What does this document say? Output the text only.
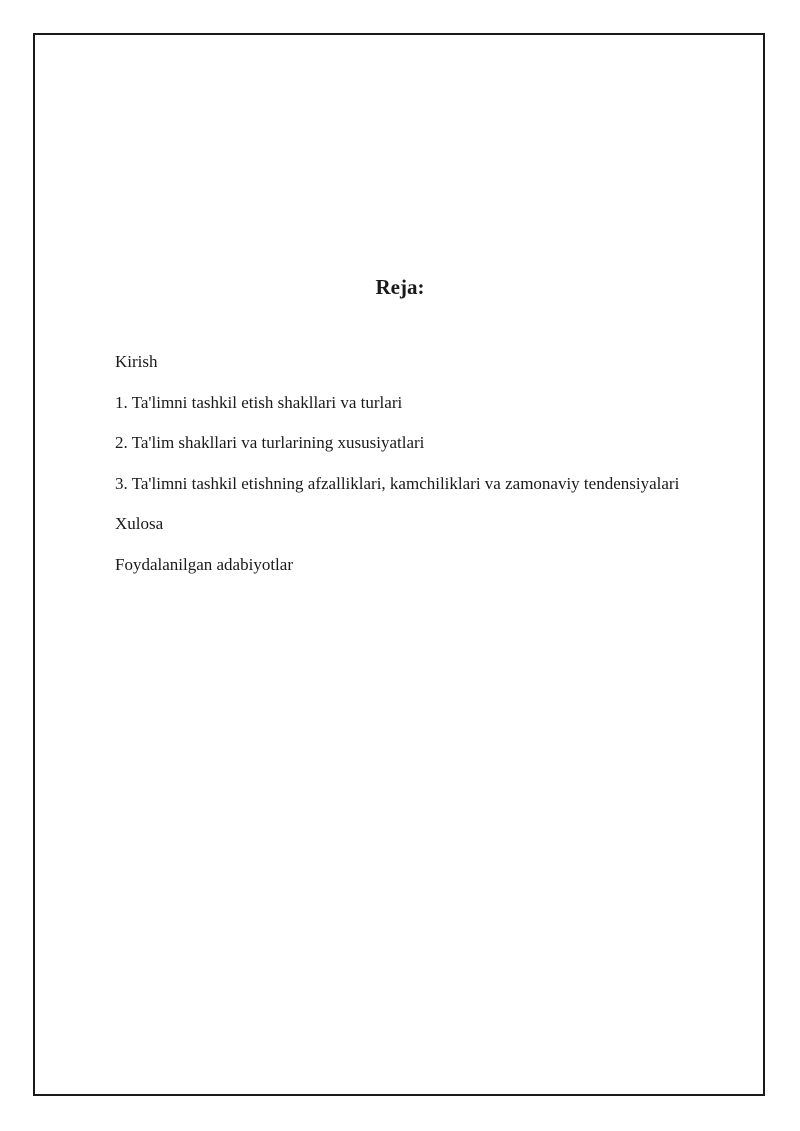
Reja:
Kirish
1. Ta'limni tashkil etish shakllari va turlari
2. Ta'lim shakllari va turlarining xususiyatlari
3. Ta'limni tashkil etishning afzalliklari, kamchiliklari va zamonaviy tendensiyalari
Xulosa
Foydalanilgan adabiyotlar
